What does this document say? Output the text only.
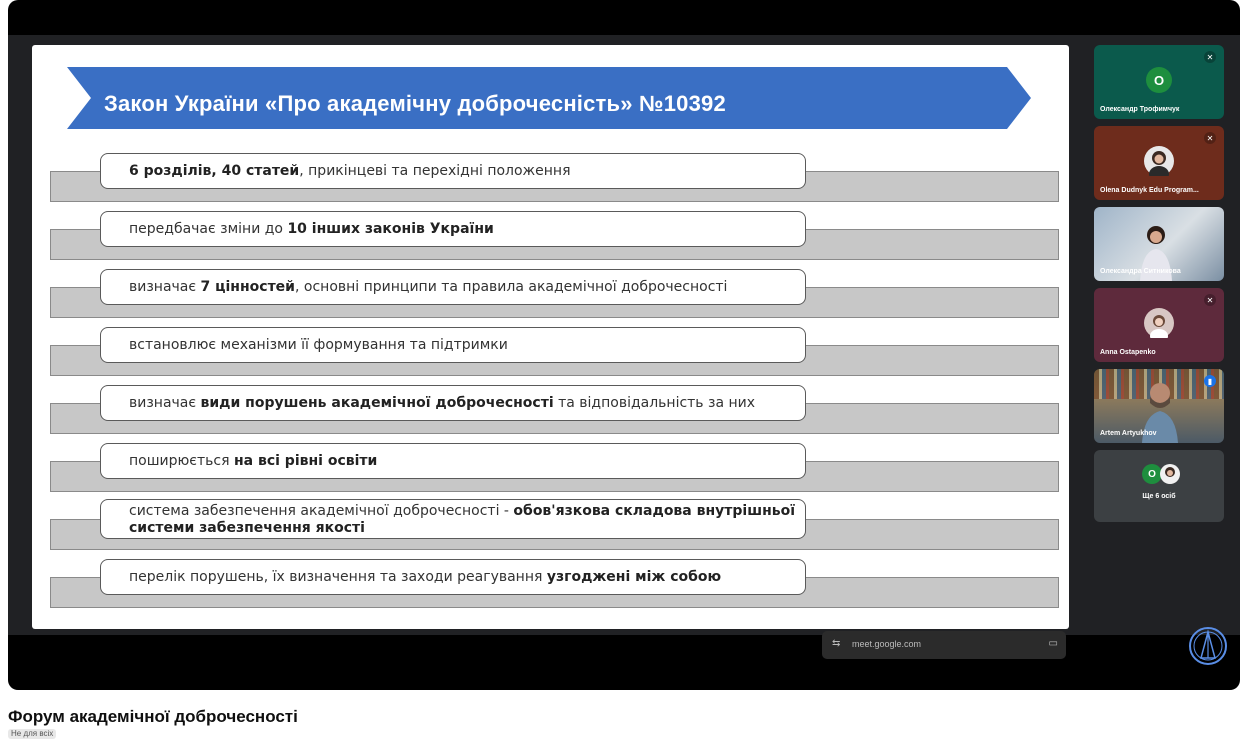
Закон України «Про академічну доброчесність» №10392
6 розділів, 40 статей, прикінцеві та перехідні положення
передбачає зміни до 10 інших законів України
визначає 7 цінностей, основні принципи та правила академічної доброчесності
встановлює механізми її формування та підтримки
визначає види порушень академічної доброчесності та відповідальність за них
поширюється на всі рівні освіти
система забезпечення академічної доброчесності - обов'язкова складова внутрішньої системи забезпечення якості
перелік порушень, їх визначення та заходи реагування узгоджені між собою
✕
О
Олександр Трофимчук
✕
Olena Dudnyk Edu Program...
Олександра Ситникова
✕
Anna Ostapenko
▮
Artem Artyukhov
О
Ще 6 осіб
⇆ meet.google.com	▭
Форум академічної доброчесності
Не для всіх
